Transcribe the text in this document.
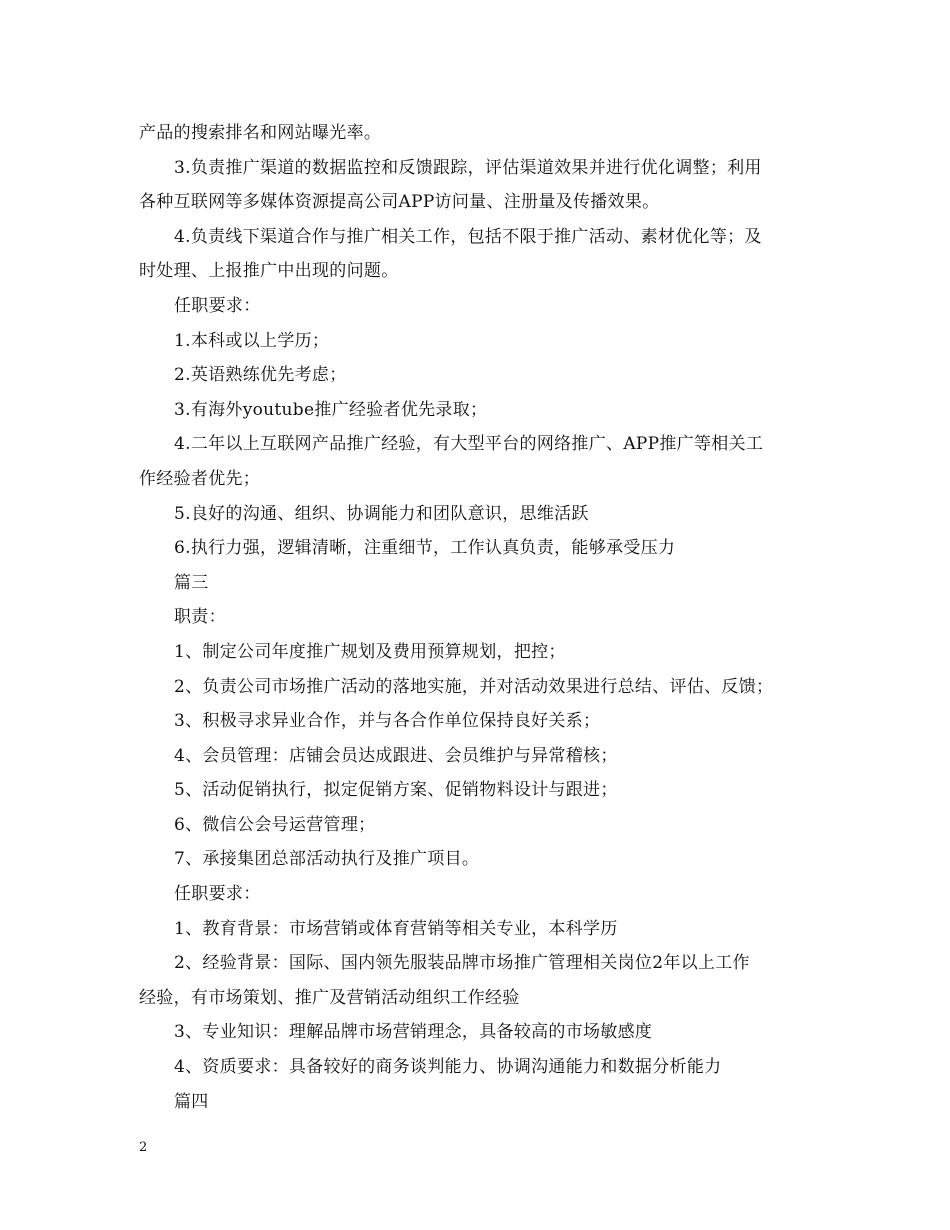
产品的搜索排名和网站曝光率。
3.负责推广渠道的数据监控和反馈跟踪，评估渠道效果并进行优化调整；利用
各种互联网等多媒体资源提高公司APP访问量、注册量及传播效果。
4.负责线下渠道合作与推广相关工作，包括不限于推广活动、素材优化等；及
时处理、上报推广中出现的问题。
任职要求：
1.本科或以上学历；
2.英语熟练优先考虑；
3.有海外youtube推广经验者优先录取；
4.二年以上互联网产品推广经验，有大型平台的网络推广、APP推广等相关工
作经验者优先；
5.良好的沟通、组织、协调能力和团队意识，思维活跃
6.执行力强，逻辑清晰，注重细节，工作认真负责，能够承受压力
篇三
职责：
1、制定公司年度推广规划及费用预算规划，把控；
2、负责公司市场推广活动的落地实施，并对活动效果进行总结、评估、反馈；
3、积极寻求异业合作，并与各合作单位保持良好关系；
4、会员管理：店铺会员达成跟进、会员维护与异常稽核；
5、活动促销执行，拟定促销方案、促销物料设计与跟进；
6、微信公会号运营管理；
7、承接集团总部活动执行及推广项目。
任职要求：
1、教育背景：市场营销或体育营销等相关专业，本科学历
2、经验背景：国际、国内领先服装品牌市场推广管理相关岗位2年以上工作
经验，有市场策划、推广及营销活动组织工作经验
3、专业知识：理解品牌市场营销理念，具备较高的市场敏感度
4、资质要求：具备较好的商务谈判能力、协调沟通能力和数据分析能力
篇四
2
